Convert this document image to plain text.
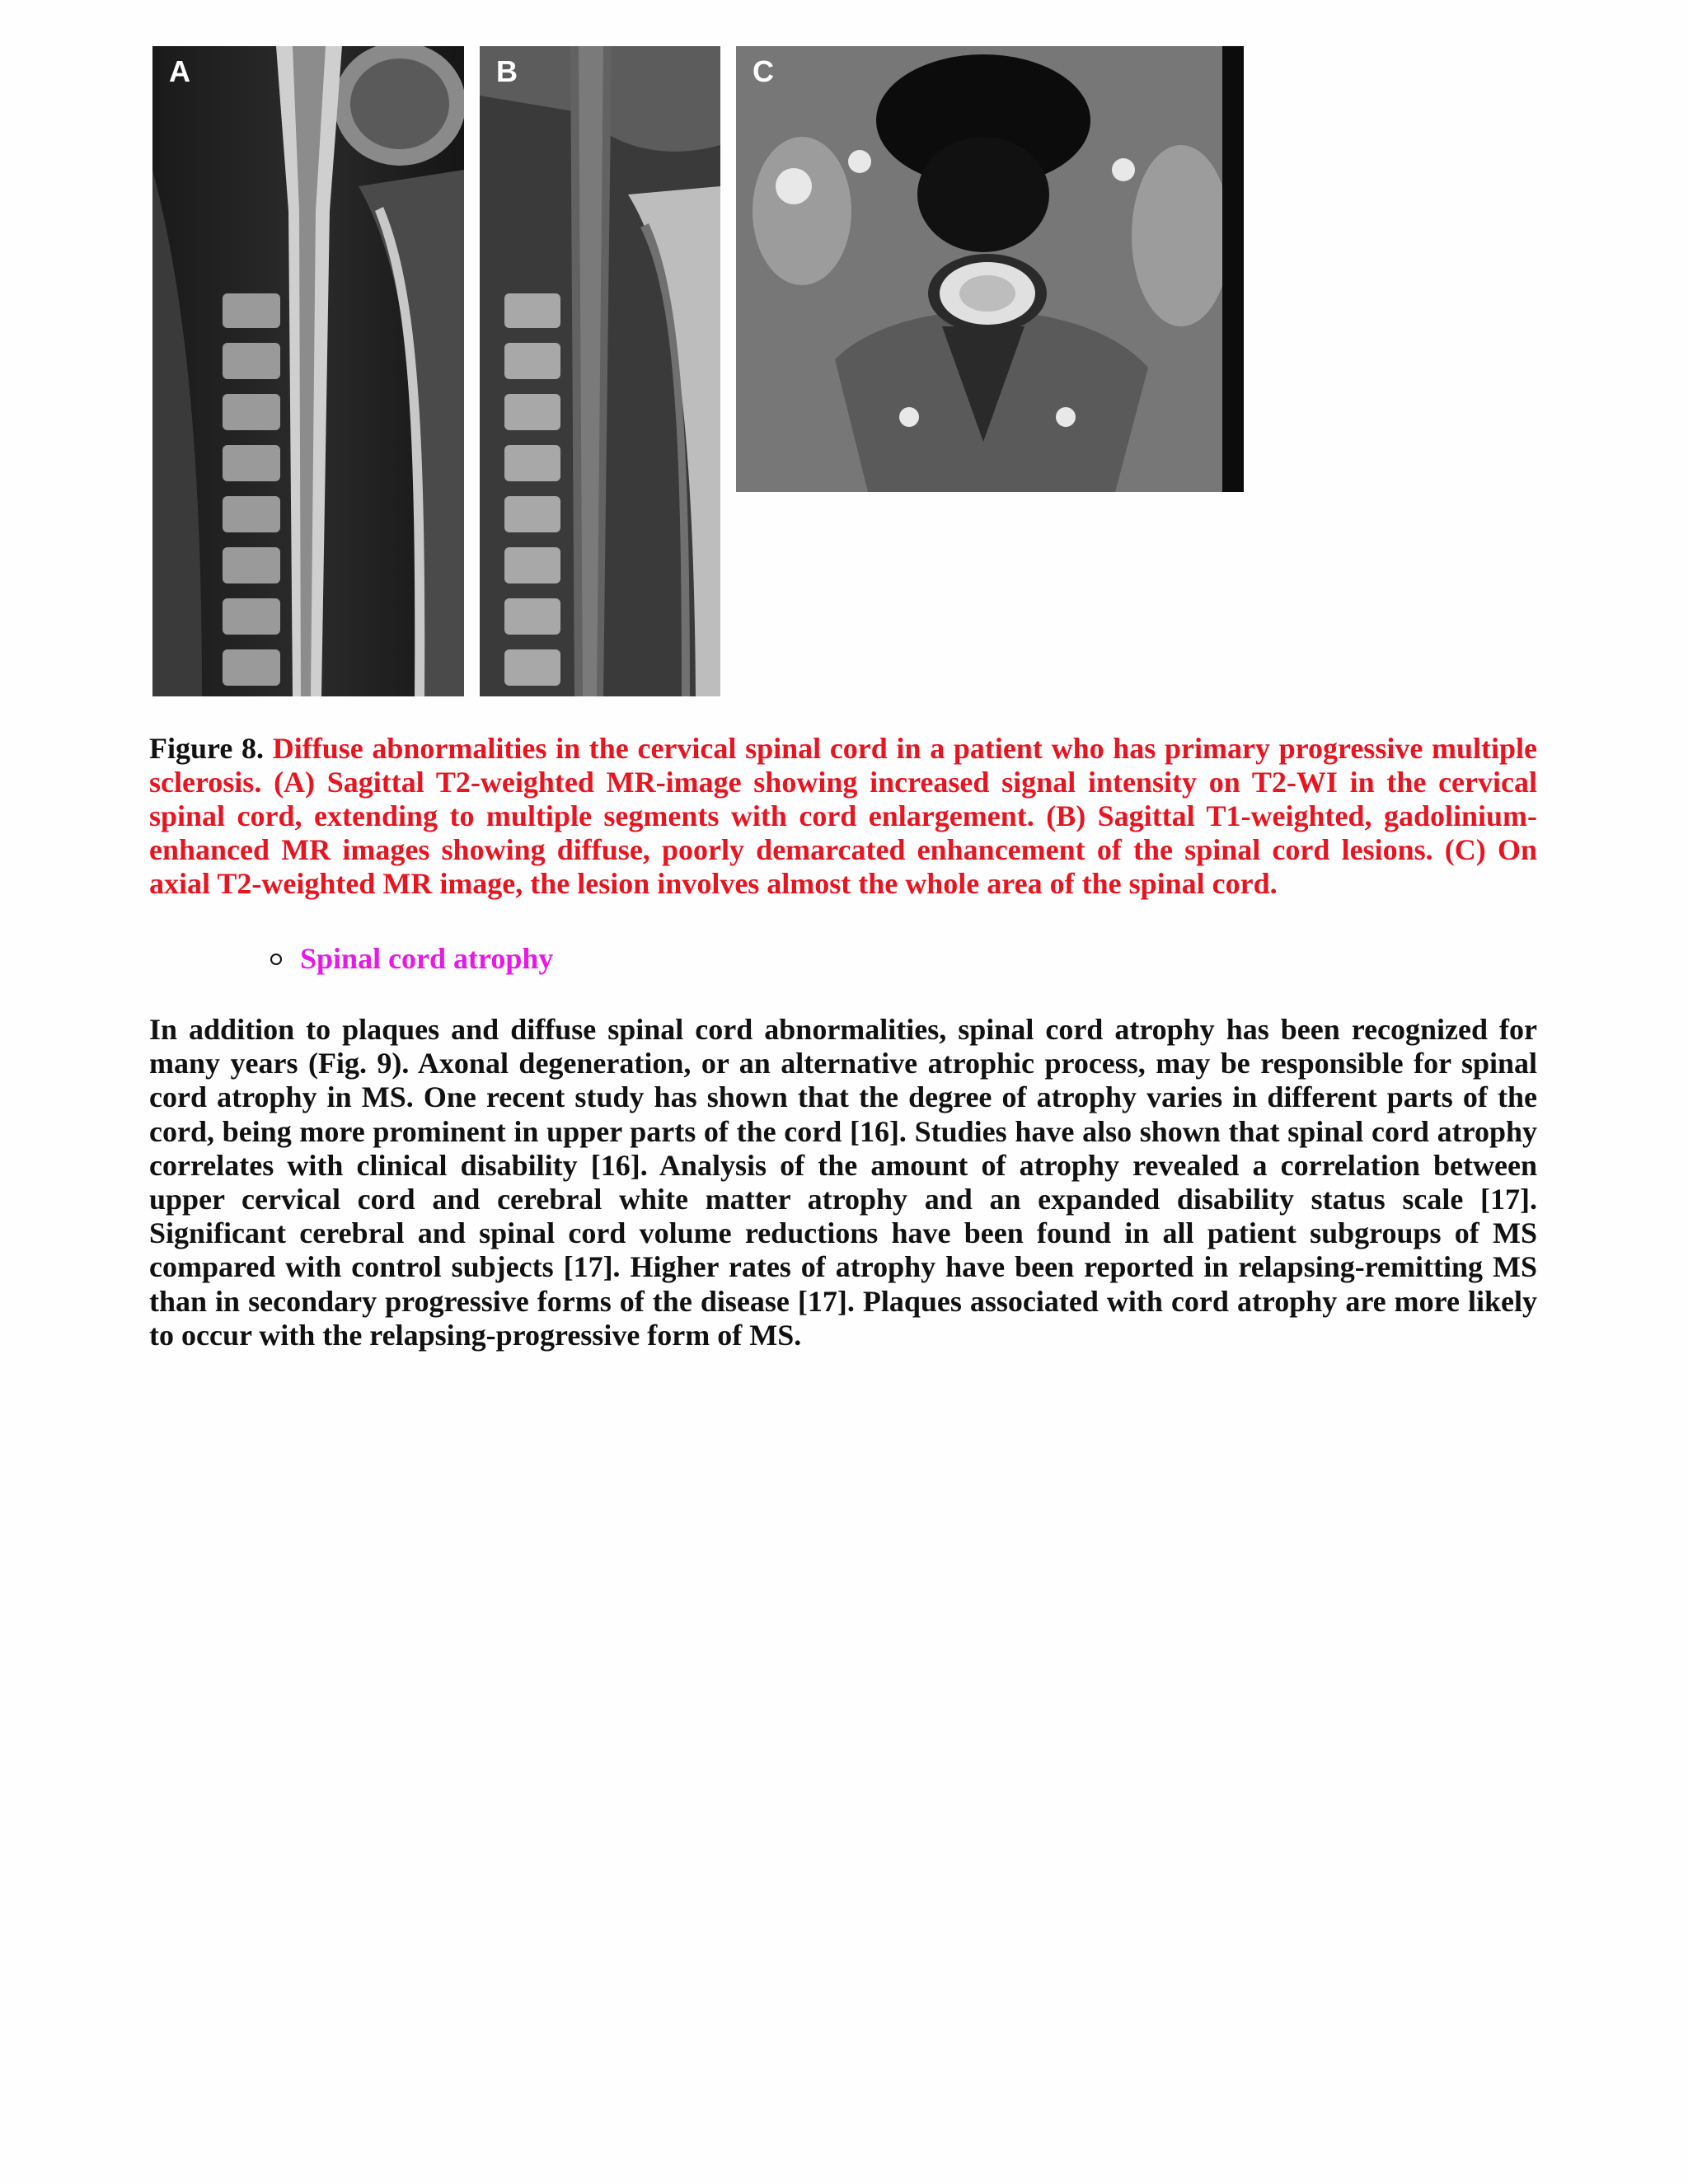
A	B	C

Figure 8. Diffuse abnormalities in the cervical spinal cord in a patient who has primary progressive multiple sclerosis. (A) Sagittal T2-weighted MR-image showing increased signal intensity on T2-WI in the cervical spinal cord, extending to multiple segments with cord enlargement. (B) Sagittal T1-weighted, gadolinium-enhanced MR images showing diffuse, poorly demarcated enhancement of the spinal cord lesions. (C) On axial T2-weighted MR image, the lesion involves almost the whole area of the spinal cord.

Spinal cord atrophy

In addition to plaques and diffuse spinal cord abnormalities, spinal cord atrophy has been recognized for many years (Fig. 9). Axonal degeneration, or an alternative atrophic process, may be responsible for spinal cord atrophy in MS. One recent study has shown that the degree of atrophy varies in different parts of the cord, being more prominent in upper parts of the cord [16]. Studies have also shown that spinal cord atrophy correlates with clinical disability [16]. Analysis of the amount of atrophy revealed a correlation between upper cervical cord and cerebral white matter atrophy and an expanded disability status scale [17]. Significant cerebral and spinal cord volume reductions have been found in all patient subgroups of MS compared with control subjects [17]. Higher rates of atrophy have been reported in relapsing-remitting MS than in secondary progressive forms of the disease [17]. Plaques associated with cord atrophy are more likely to occur with the relapsing-progressive form of MS.
